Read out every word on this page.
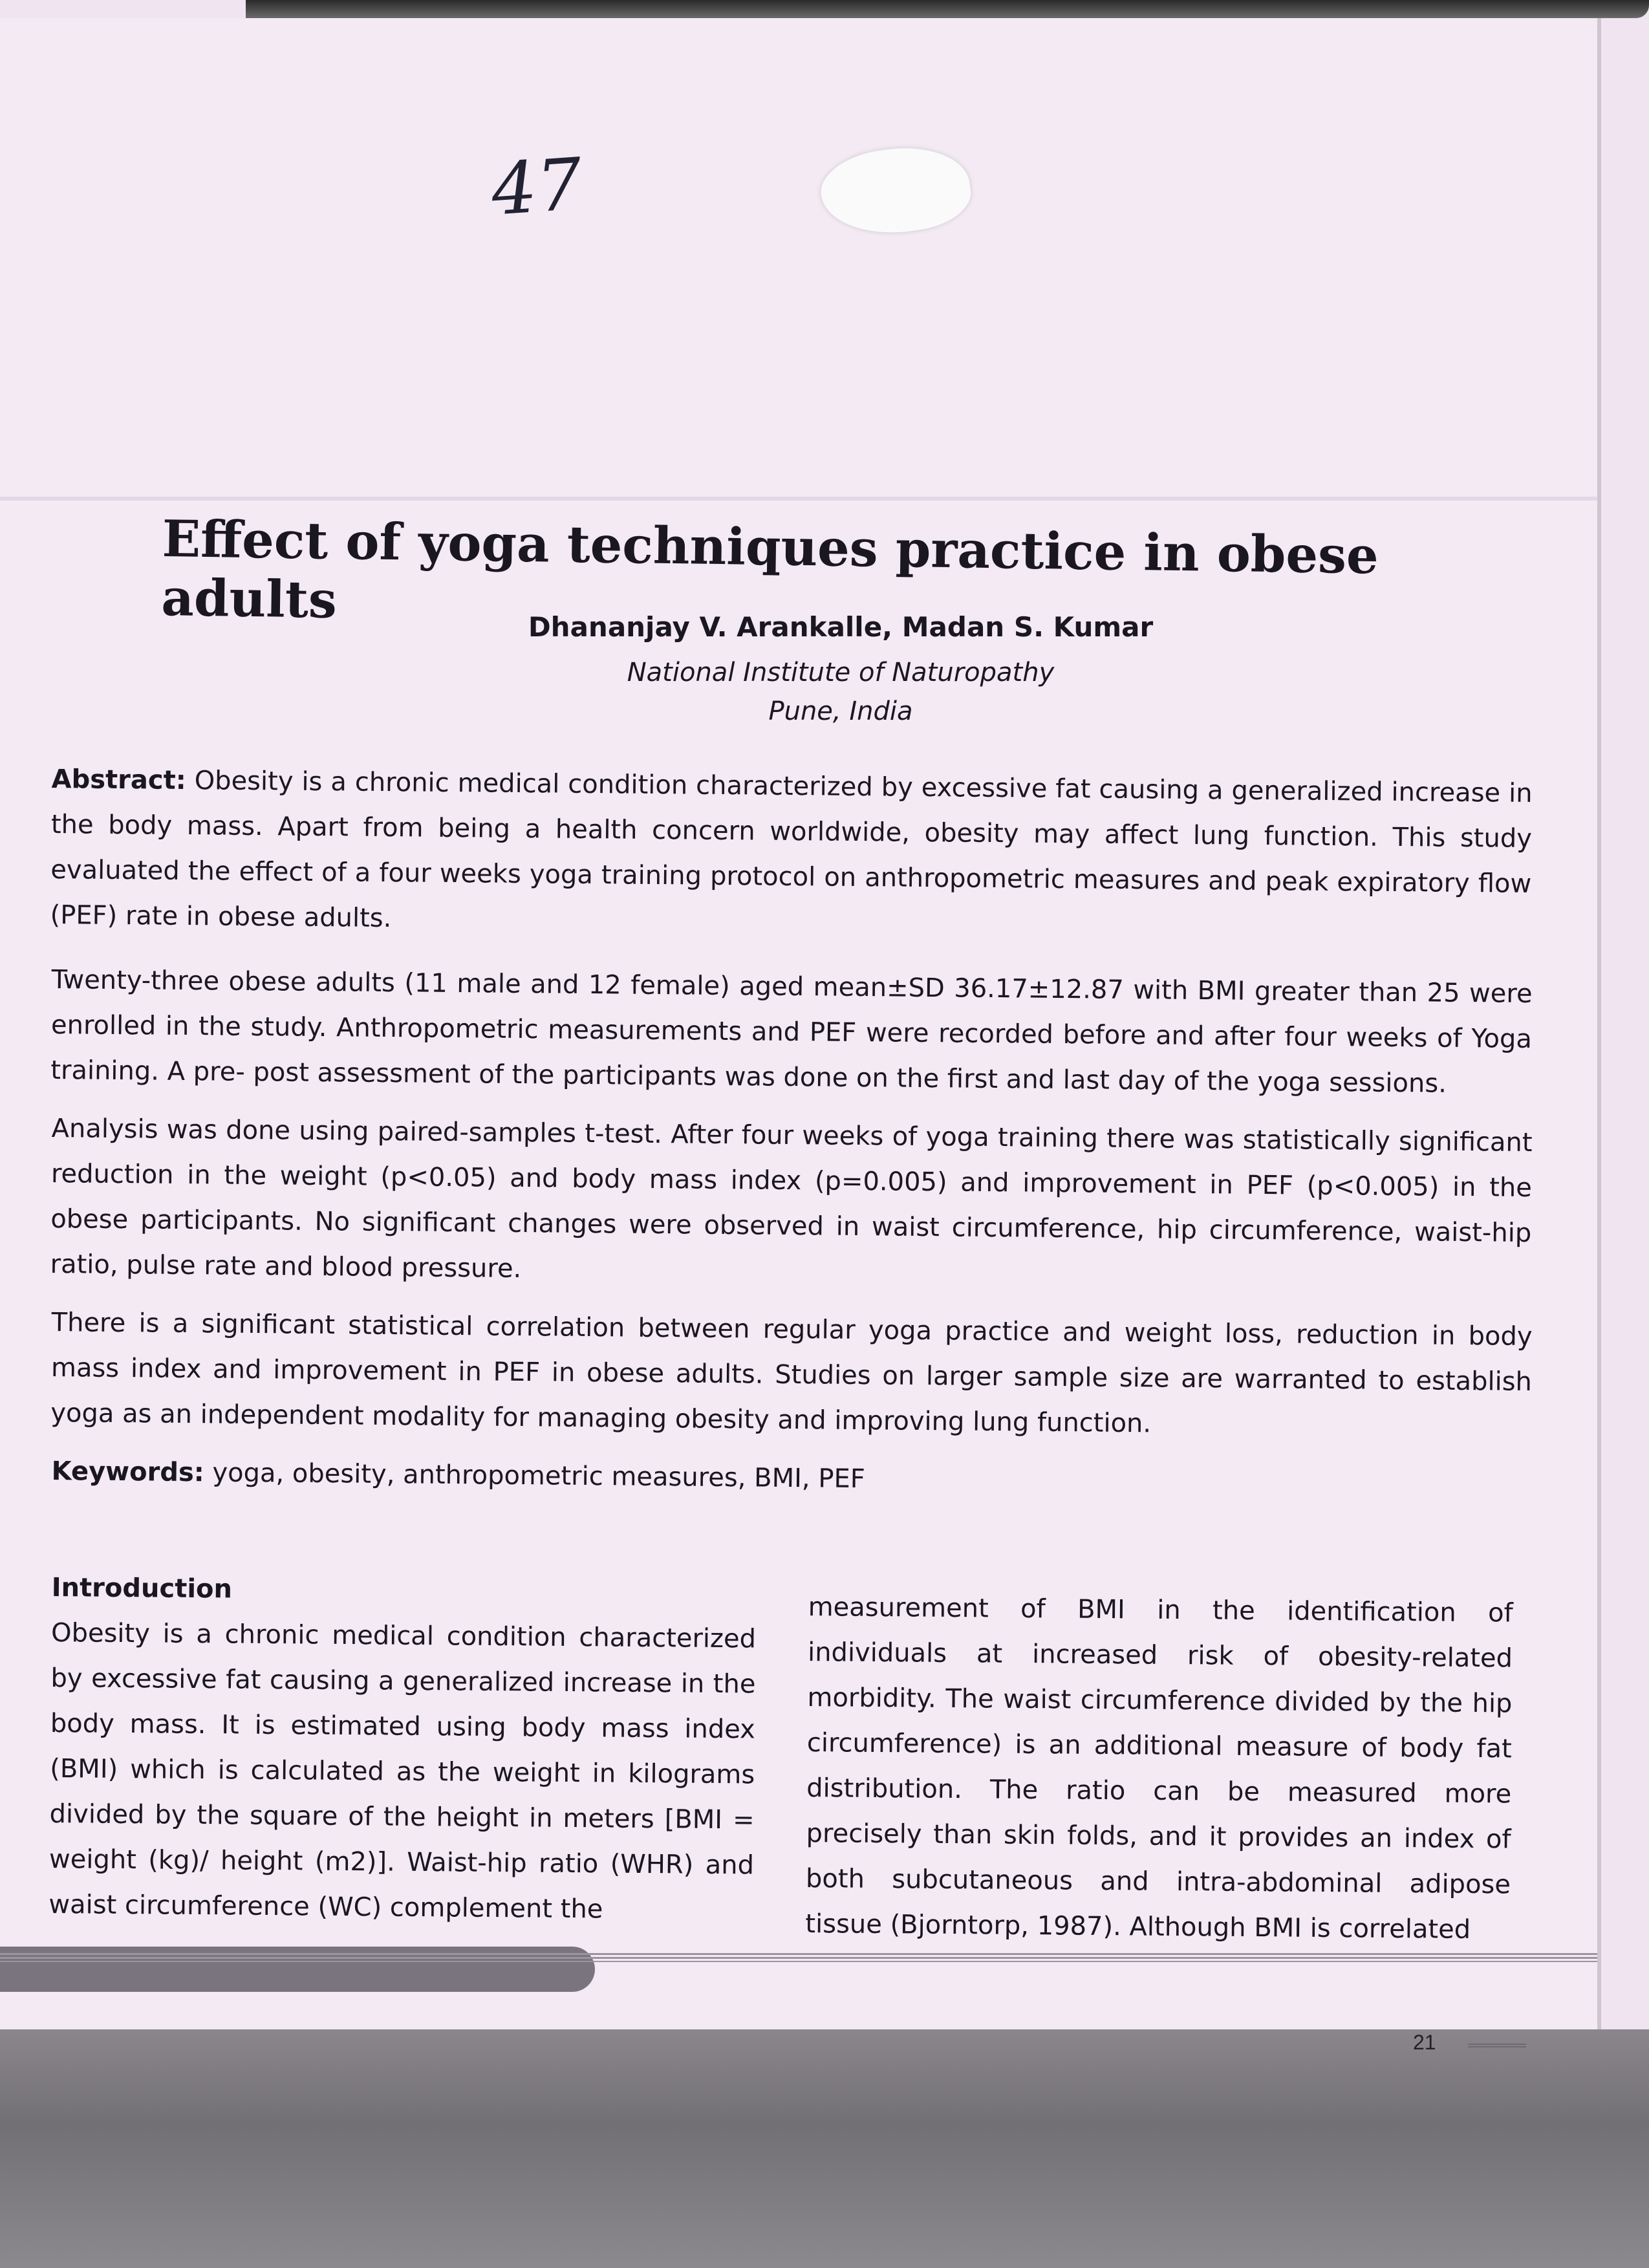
47
Effect of yoga techniques practice in obese adults	Dhananjay V. Arankalle, Madan S. Kumar
National Institute of Naturopathy
Pune, India
Abstract: Obesity is a chronic medical condition characterized by excessive fat causing a generalized increase in the body mass. Apart from being a health concern worldwide, obesity may affect lung function. This study evaluated the effect of a four weeks yoga training protocol on anthropometric measures and peak expiratory flow (PEF) rate in obese adults.
Twenty-three obese adults (11 male and 12 female) aged mean±SD 36.17±12.87 with BMI greater than 25 were enrolled in the study. Anthropometric measurements and PEF were recorded before and after four weeks of Yoga training. A pre- post assessment of the participants was done on the first and last day of the yoga sessions.
Analysis was done using paired-samples t-test. After four weeks of yoga training there was statistically significant reduction in the weight (p<0.05) and body mass index (p=0.005) and improvement in PEF (p<0.005) in the obese participants. No significant changes were observed in waist circumference, hip circumference, waist-hip ratio, pulse rate and blood pressure.
There is a significant statistical correlation between regular yoga practice and weight loss, reduction in body mass index and improvement in PEF in obese adults. Studies on larger sample size are warranted to establish yoga as an independent modality for managing obesity and improving lung function.
Keywords: yoga, obesity, anthropometric measures, BMI, PEF
Introduction
Obesity is a chronic medical condition characterized by excessive fat causing a generalized increase in the body mass. It is estimated using body mass index (BMI) which is calculated as the weight in kilograms divided by the square of the height in meters [BMI = weight (kg)/ height (m2)]. Waist-hip ratio (WHR) and waist circumference (WC) complement the
measurement of BMI in the identification of individuals at increased risk of obesity-related morbidity. The waist circumference divided by the hip circumference) is an additional measure of body fat distribution. The ratio can be measured more precisely than skin folds, and it provides an index of both subcutaneous and intra-abdominal adipose tissue (Bjorntorp, 1987). Although BMI is correlated
21
